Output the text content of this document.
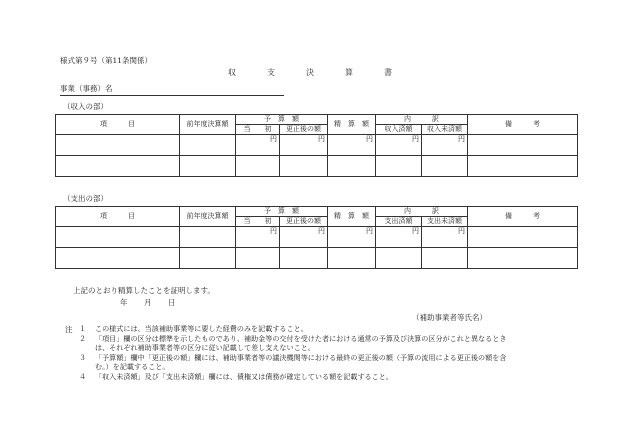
様式第９号（第11条関係）
収	支	決	算	書
事業（事務）名
（収入の部）
項　　　目	前年度決算額	予　算　額		精　算　額	内　　　訳		備　　　考
		当　　初	更正後の額		収入済額	収入未済額	
		円	円	円	円	円	

（支出の部）
項　　　目	前年度決算額	予　算　額		精　算　額	内　　　訳		備　　　考
		当　　初	更正後の額		支出済額	支出未済額	
		円	円	円	円	円	

上記のとおり精算したことを証明します。
年 月 日
（補助事業者等氏名）
注 １ この様式には、当該補助事業等に要した経費のみを記載すること。
２ 「項目」欄の区分は標準を示したものであり、補助金等の交付を受けた者における通常の予算及び決算の区分がこれと異なるとき
は、それぞれ補助事業者等の区分に従い記載して差し支えないこと。
３ 「予算額」欄中「更正後の額」欄には、補助事業者等の議決機関等における最終の更正後の額（予算の流用による更正後の額を含
む。）を記載すること。
４ 「収入未済額」及び「支出未済額」欄には、債権又は債務が確定している額を記載すること。
